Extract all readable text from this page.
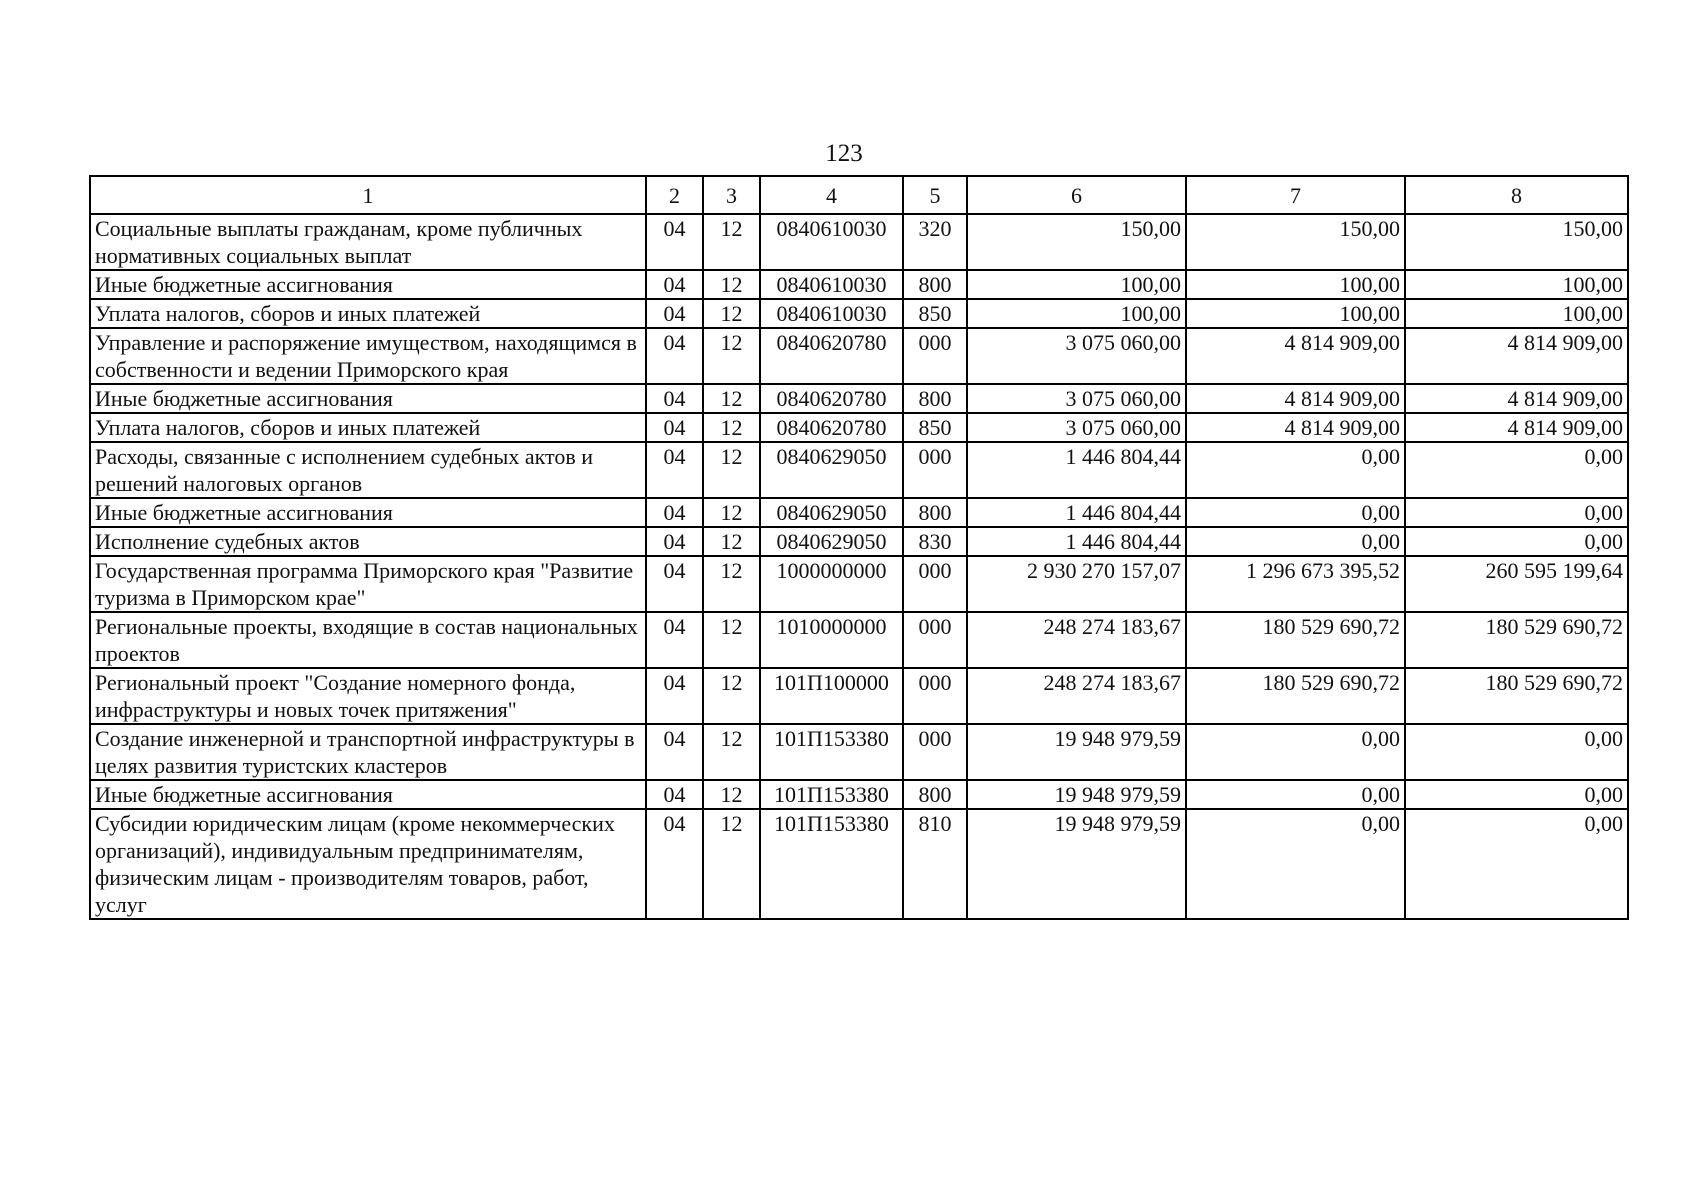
123
1	2	3	4	5	6	7	8
Социальные выплаты гражданам, кроме публичных нормативных социальных выплат	04	12	0840610030	320	150,00	150,00	150,00
Иные бюджетные ассигнования	04	12	0840610030	800	100,00	100,00	100,00
Уплата налогов, сборов и иных платежей	04	12	0840610030	850	100,00	100,00	100,00
Управление и распоряжение имуществом, находящимся в собственности и ведении Приморского края	04	12	0840620780	000	3 075 060,00	4 814 909,00	4 814 909,00
Иные бюджетные ассигнования	04	12	0840620780	800	3 075 060,00	4 814 909,00	4 814 909,00
Уплата налогов, сборов и иных платежей	04	12	0840620780	850	3 075 060,00	4 814 909,00	4 814 909,00
Расходы, связанные с исполнением судебных актов и решений налоговых органов	04	12	0840629050	000	1 446 804,44	0,00	0,00
Иные бюджетные ассигнования	04	12	0840629050	800	1 446 804,44	0,00	0,00
Исполнение судебных актов	04	12	0840629050	830	1 446 804,44	0,00	0,00
Государственная программа Приморского края "Развитие туризма в Приморском крае"	04	12	1000000000	000	2 930 270 157,07	1 296 673 395,52	260 595 199,64
Региональные проекты, входящие в состав национальных проектов	04	12	1010000000	000	248 274 183,67	180 529 690,72	180 529 690,72
Региональный проект "Создание номерного фонда, инфраструктуры и новых точек притяжения"	04	12	101П100000	000	248 274 183,67	180 529 690,72	180 529 690,72
Создание инженерной и транспортной инфраструктуры в целях развития туристских кластеров	04	12	101П153380	000	19 948 979,59	0,00	0,00
Иные бюджетные ассигнования	04	12	101П153380	800	19 948 979,59	0,00	0,00
Субсидии юридическим лицам (кроме некоммерческих организаций), индивидуальным предпринимателям, физическим лицам - производителям товаров, работ, услуг	04	12	101П153380	810	19 948 979,59	0,00	0,00
